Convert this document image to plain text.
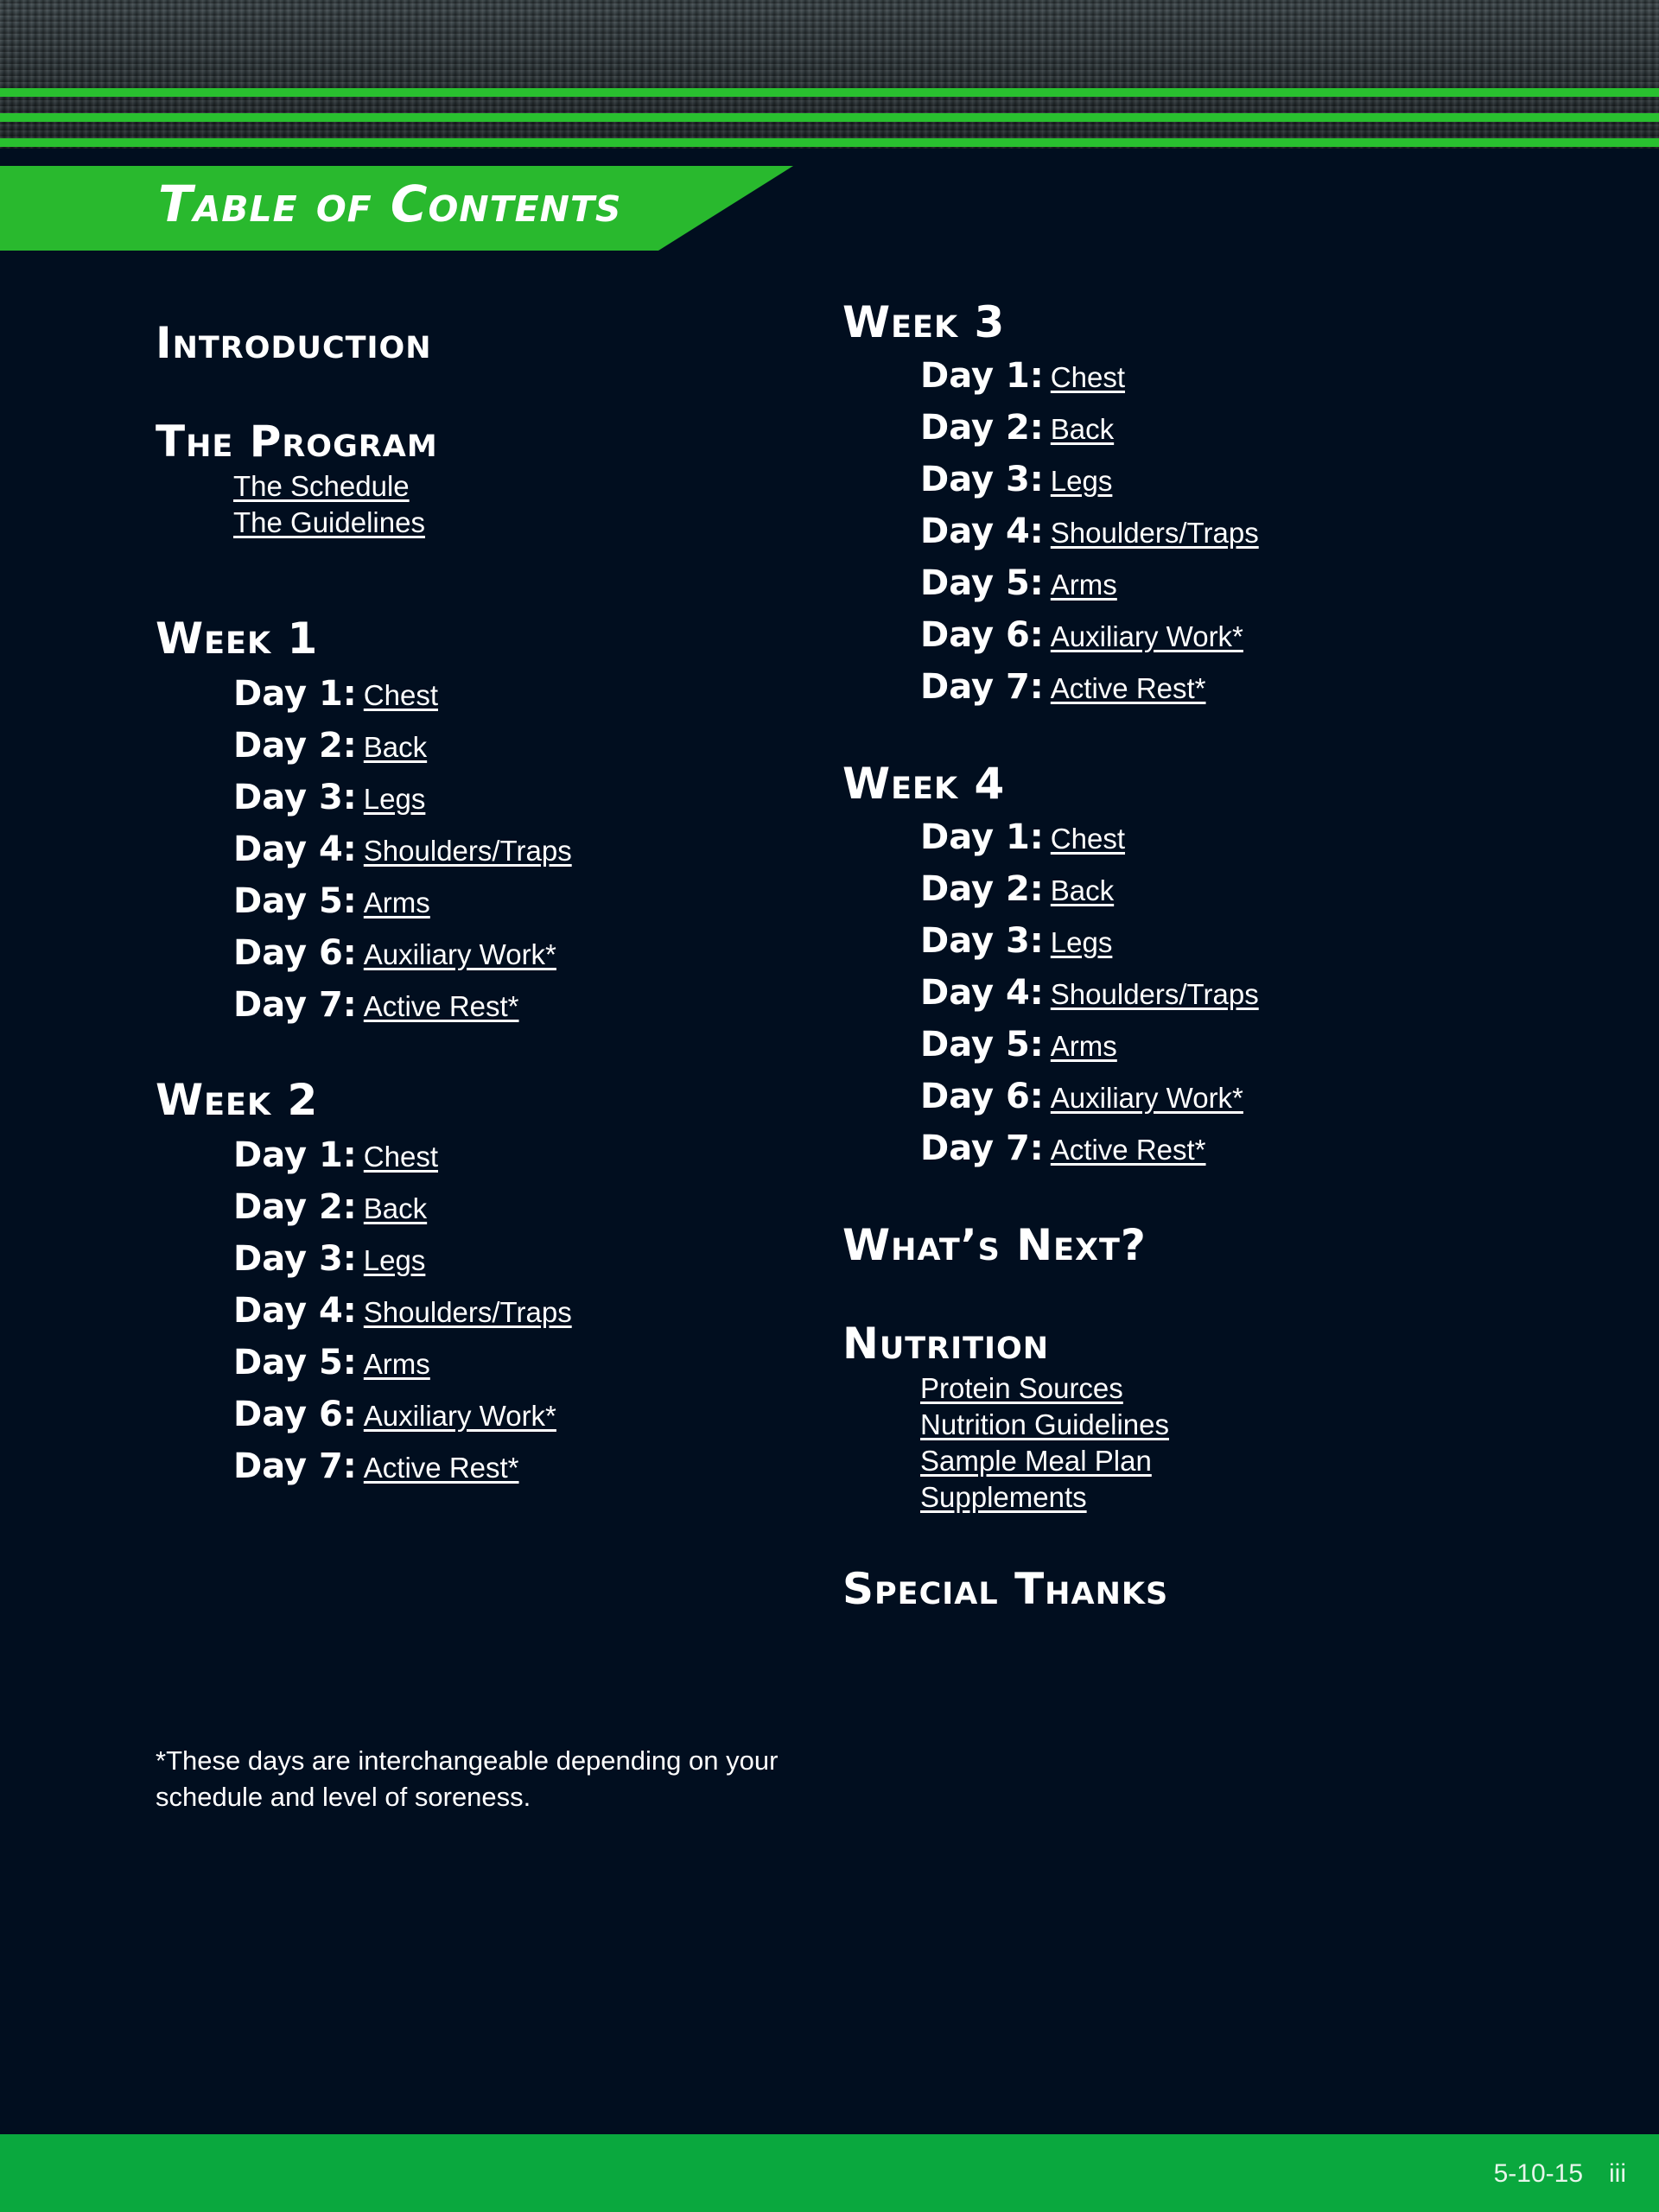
Table of Contents
Introduction
The Program
The Schedule
The Guidelines
Week 1
Day 1: Chest
Day 2: Back
Day 3: Legs
Day 4: Shoulders/Traps
Day 5: Arms
Day 6: Auxiliary Work*
Day 7: Active Rest*
Week 2
Day 1: Chest
Day 2: Back
Day 3: Legs
Day 4: Shoulders/Traps
Day 5: Arms
Day 6: Auxiliary Work*
Day 7: Active Rest*
*These days are interchangeable depending on your schedule and level of soreness.
Week 3
Day 1: Chest
Day 2: Back
Day 3: Legs
Day 4: Shoulders/Traps
Day 5: Arms
Day 6: Auxiliary Work*
Day 7: Active Rest*
Week 4
Day 1: Chest
Day 2: Back
Day 3: Legs
Day 4: Shoulders/Traps
Day 5: Arms
Day 6: Auxiliary Work*
Day 7: Active Rest*
What’s Next?
Nutrition
Protein Sources
Nutrition Guidelines
Sample Meal Plan
Supplements
Special Thanks
5-10-15 iii
